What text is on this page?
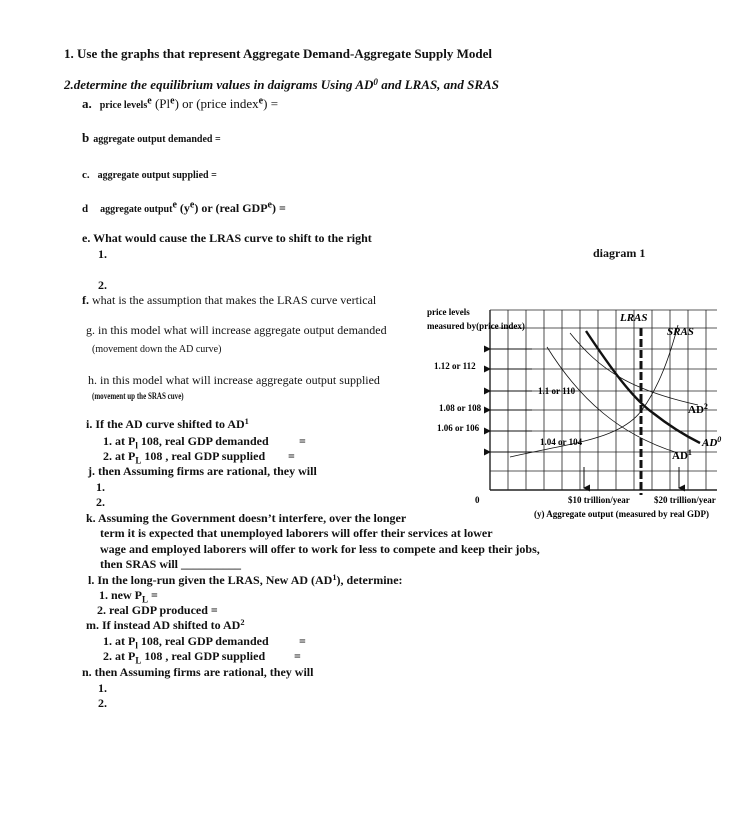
1. Use the graphs that represent Aggregate Demand-Aggregate Supply Model
2.determine the equilibrium values in daigrams Using $AD^0$ and LRAS, and SRAS
a. price levels$^e$ (Pl$^e$) or (price index$^e$) =
b aggregate output demanded =
c. aggregate output supplied =
d aggregate output$^e$ $(y^e)$ or (real $GDP^e$) =
e. What would cause the LRAS curve to shift to the right
1.	diagram 1
2.
f. what is the assumption that makes the LRAS curve vertical
g. in this model what will increase aggregate output demanded
(movement down the AD curve)
h. in this model what will increase aggregate output supplied
(movement up the SRAS cuve)
i. If the AD curve shifted to $AD^1$
1. at $P_l$ 108, real GDP demanded	=
2. at $P_L$ 108 , real GDP supplied =
j. then Assuming firms are rational, they will
1.
2.
k. Assuming the Government doesn’t interfere, over the longer
term it is expected that unemployed laborers will offer their services at lower
wage and employed laborers will offer to work for less to compete and keep their jobs,
then SRAS will __________
l. In the long-run given the LRAS, New AD $(AD^1)$, determine:
1. new $P_L$ =
2. real GDP produced =
m. If instead AD shifted to $AD^2$
1. at $P_l$ 108, real GDP demanded	=
2. at $P_L$ 108 , real GDP supplied =
n. then Assuming firms are rational, they will
1.
2.
price levels
measured by(price index)
1.12 or 112
1.08 or 108
1.06 or 106
0
1.1 or 110
1.04 or 104
LRAS
SRAS
$AD^2$
$AD^0$
$AD^1$
$10 trillion/year	$20 trillion/year
(y) Aggregate output (measured by real GDP)
